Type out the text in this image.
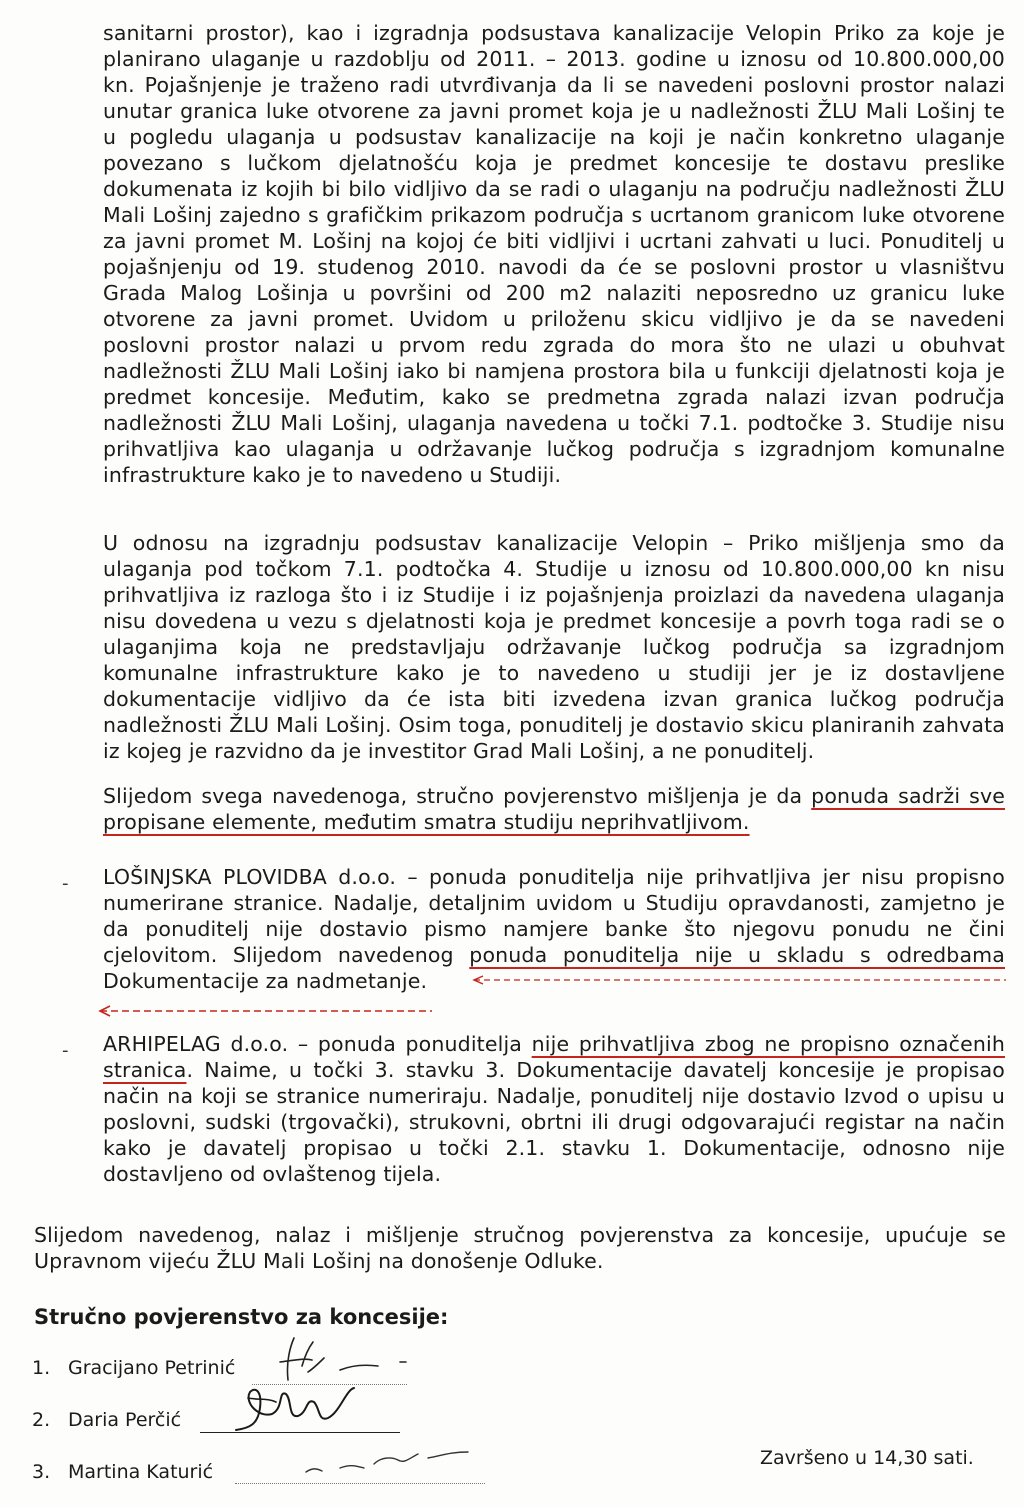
sanitarni prostor), kao i izgradnja podsustava kanalizacije Velopin Priko za koje je
planirano ulaganje u razdoblju od 2011. – 2013. godine u iznosu od 10.800.000,00
kn. Pojašnjenje je traženo radi utvrđivanja da li se navedeni poslovni prostor nalazi
unutar granica luke otvorene za javni promet koja je u nadležnosti ŽLU Mali Lošinj te
u pogledu ulaganja u podsustav kanalizacije na koji je način konkretno ulaganje
povezano s lučkom djelatnošću koja je predmet koncesije te dostavu preslike
dokumenata iz kojih bi bilo vidljivo da se radi o ulaganju na području nadležnosti ŽLU
Mali Lošinj zajedno s grafičkim prikazom područja s ucrtanom granicom luke otvorene
za javni promet M. Lošinj na kojoj će biti vidljivi i ucrtani zahvati u luci. Ponuditelj u
pojašnjenju od 19. studenog 2010. navodi da će se poslovni prostor u vlasništvu
Grada Malog Lošinja u površini od 200 m2 nalaziti neposredno uz granicu luke
otvorene za javni promet. Uvidom u priloženu skicu vidljivo je da se navedeni
poslovni prostor nalazi u prvom redu zgrada do mora što ne ulazi u obuhvat
nadležnosti ŽLU Mali Lošinj iako bi namjena prostora bila u funkciji djelatnosti koja je
predmet koncesije. Međutim, kako se predmetna zgrada nalazi izvan područja
nadležnosti ŽLU Mali Lošinj, ulaganja navedena u točki 7.1. podtočke 3. Studije nisu
prihvatljiva kao ulaganja u održavanje lučkog područja s izgradnjom komunalne
infrastrukture kako je to navedeno u Studiji.
U odnosu na izgradnju podsustav kanalizacije Velopin – Priko mišljenja smo da
ulaganja pod točkom 7.1. podtočka 4. Studije u iznosu od 10.800.000,00 kn nisu
prihvatljiva iz razloga što i iz Studije i iz pojašnjenja proizlazi da navedena ulaganja
nisu dovedena u vezu s djelatnosti koja je predmet koncesije a povrh toga radi se o
ulaganjima koja ne predstavljaju održavanje lučkog područja sa izgradnjom
komunalne infrastrukture kako je to navedeno u studiji jer je iz dostavljene
dokumentacije vidljivo da će ista biti izvedena izvan granica lučkog područja
nadležnosti ŽLU Mali Lošinj. Osim toga, ponuditelj je dostavio skicu planiranih zahvata
iz kojeg je razvidno da je investitor Grad Mali Lošinj, a ne ponuditelj.
Slijedom svega navedenoga, stručno povjerenstvo mišljenja je da ponuda sadrži sve
propisane elemente, međutim smatra studiju neprihvatljivom.
- LOŠINJSKA PLOVIDBA d.o.o. – ponuda ponuditelja nije prihvatljiva jer nisu propisno
numerirane stranice. Nadalje, detaljnim uvidom u Studiju opravdanosti, zamjetno je
da ponuditelj nije dostavio pismo namjere banke što njegovu ponudu ne čini
cjelovitom. Slijedom navedenog ponuda ponuditelja nije u skladu s odredbama
Dokumentacije za nadmetanje.
- ARHIPELAG d.o.o. – ponuda ponuditelja nije prihvatljiva zbog ne propisno označenih
stranica. Naime, u točki 3. stavku 3. Dokumentacije davatelj koncesije je propisao
način na koji se stranice numeriraju. Nadalje, ponuditelj nije dostavio Izvod o upisu u
poslovni, sudski (trgovački), strukovni, obrtni ili drugi odgovarajući registar na način
kako je davatelj propisao u točki 2.1. stavku 1. Dokumentacije, odnosno nije
dostavljeno od ovlaštenog tijela.
Slijedom navedenog, nalaz i mišljenje stručnog povjerenstva za koncesije, upućuje se
Upravnom vijeću ŽLU Mali Lošinj na donošenje Odluke.
Stručno povjerenstvo za koncesije:
1. Gracijano Petrinić
2. Daria Perčić
3. Martina Katurić
Završeno u 14,30 sati.
